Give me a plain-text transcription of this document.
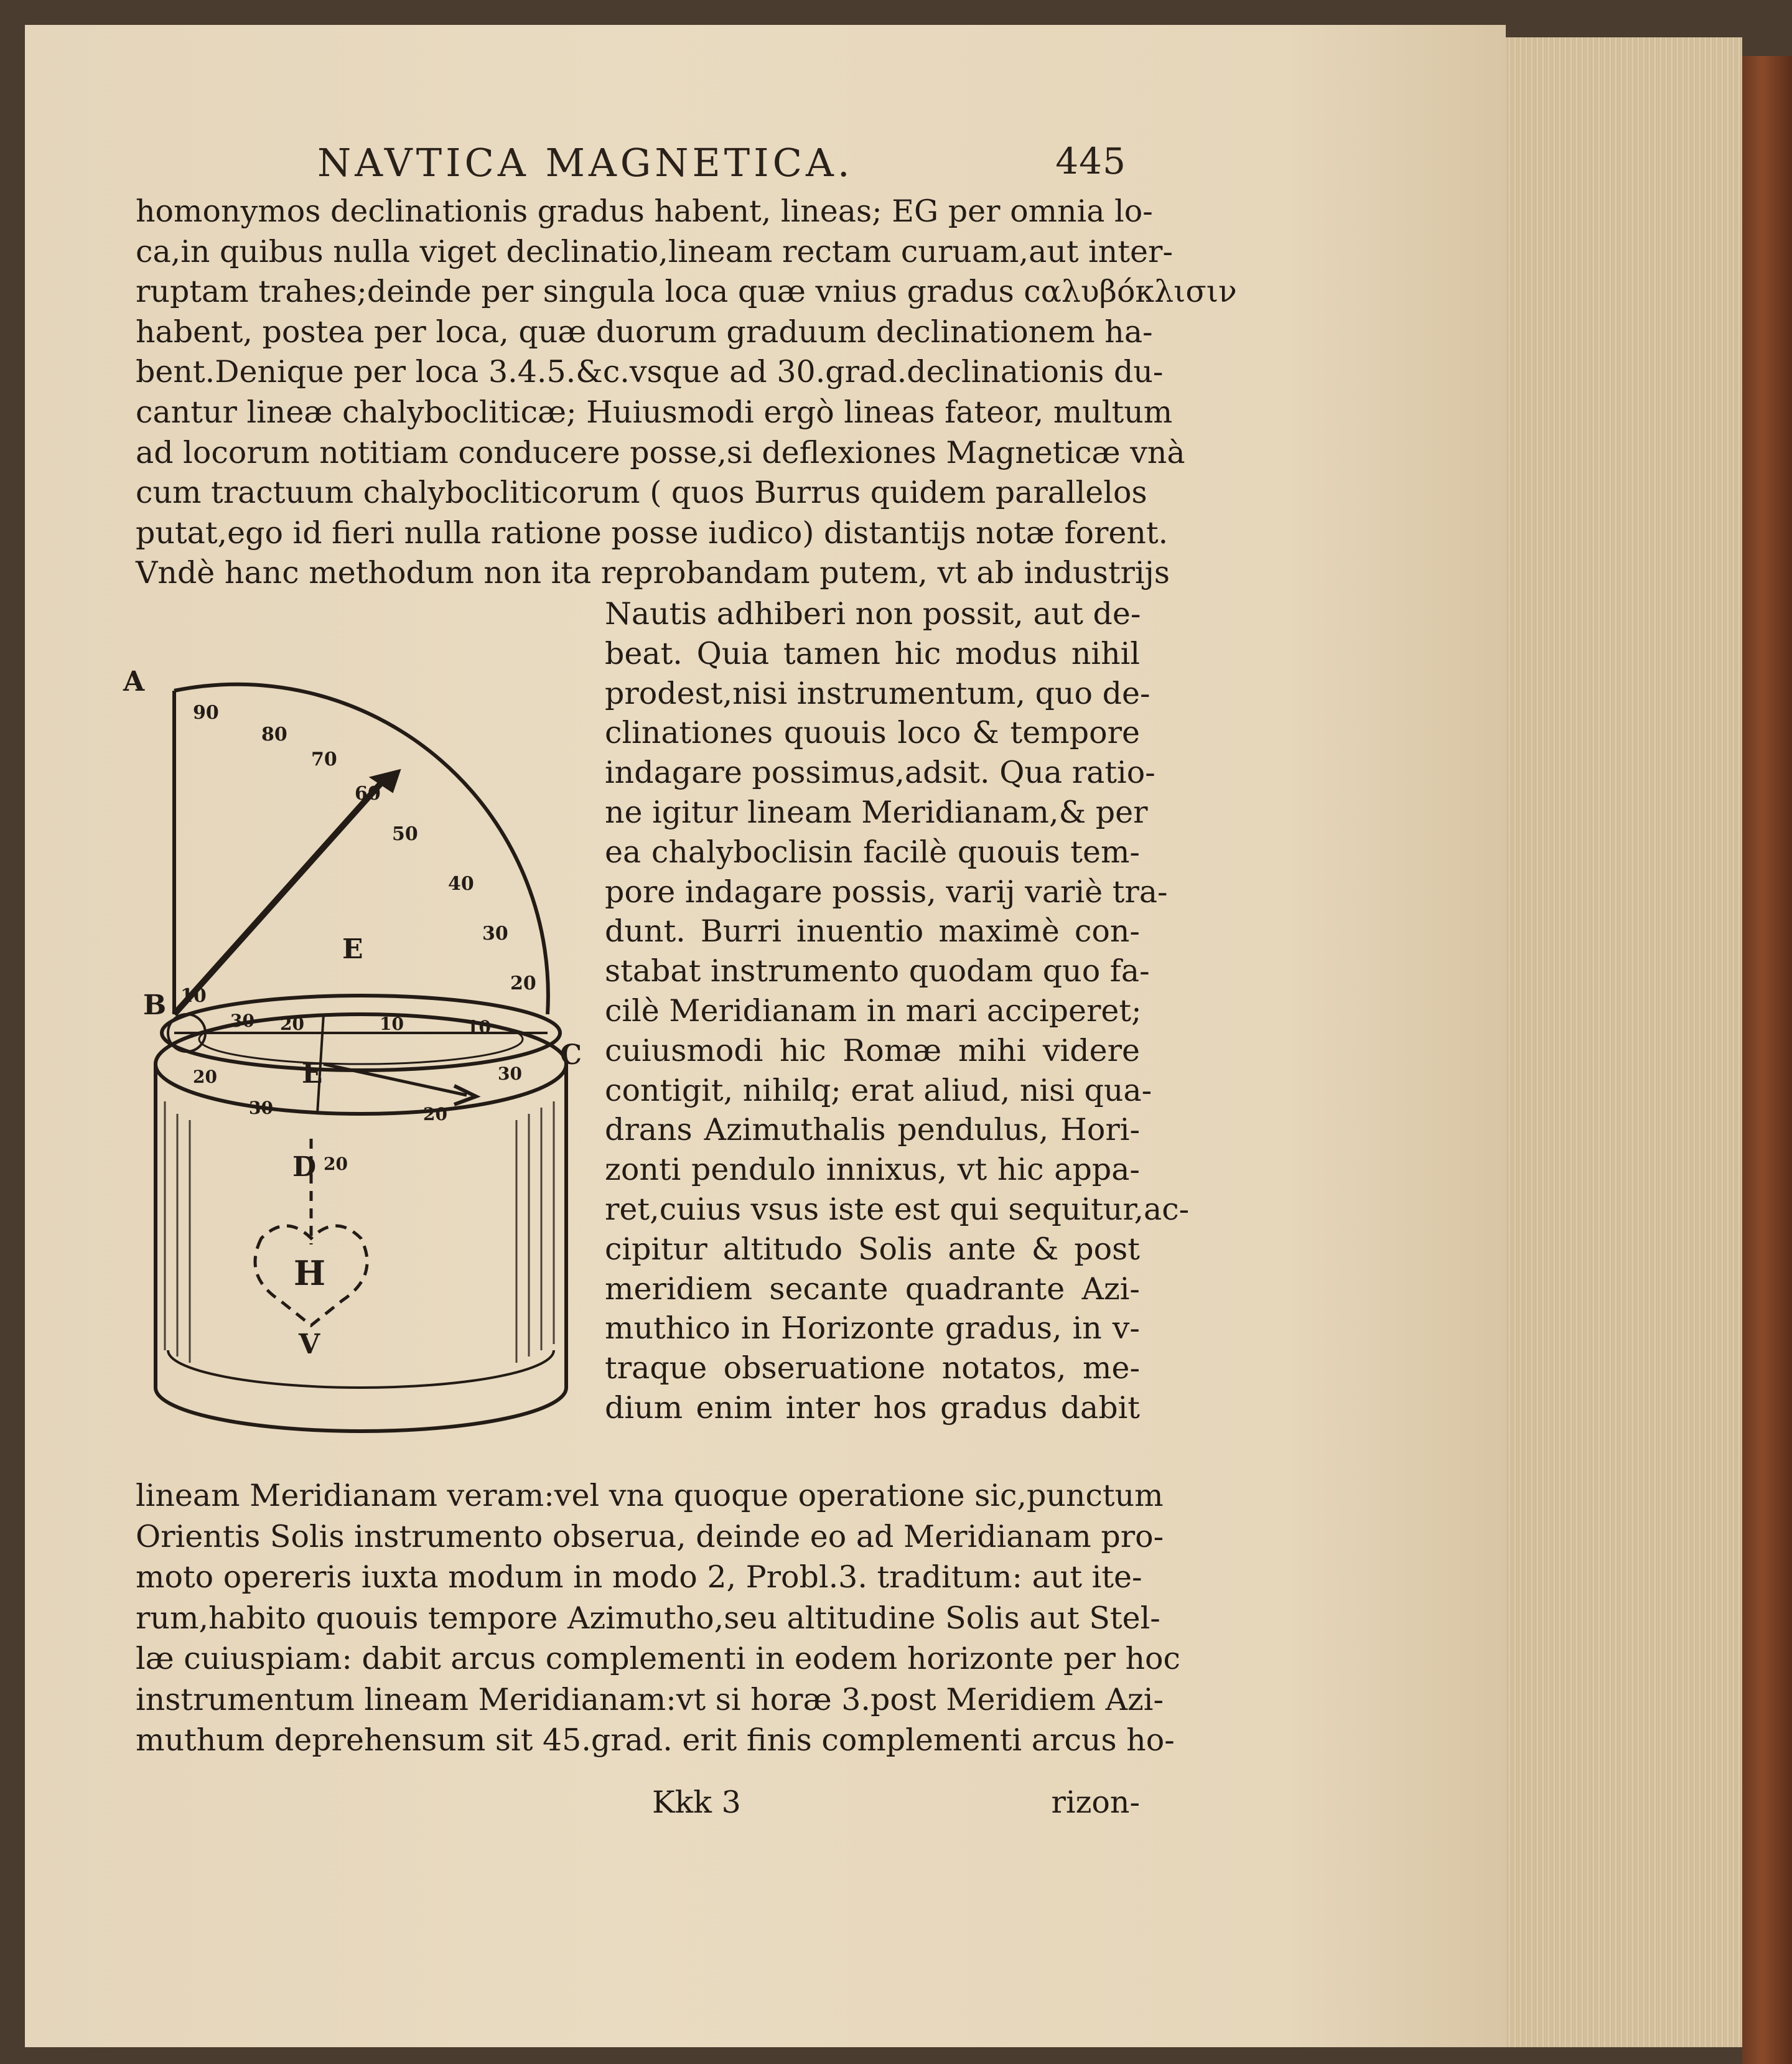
NAVTICA MAGNETICA.	445
homonymos declinationis gradus habent, lineas; EG per omnia lo-
ca,in quibus nulla viget declinatio,lineam rectam curuam,aut inter-
ruptam trahes;deinde per singula loca quæ vnius gradus ϲαλυβόκλισιν
habent, postea per loca, quæ duorum graduum declinationem ha-
bent.Denique per loca 3.4.5.&c.vsque ad 30.grad.declinationis du-
cantur lineæ chalybocliticæ; Huiusmodi ergò lineas fateor, multum
ad locorum notitiam conducere posse,si deflexiones Magneticæ vnà
cum tractuum chalybocliticorum ( quos Burrus quidem parallelos
putat,ego id fieri nulla ratione posse iudico) distantijs notæ forent.
Vndè hanc methodum non ita reprobandam putem, vt ab industrijs
Nautis adhiberi non possit, aut de-
beat. Quia tamen hic modus nihil
prodest,nisi instrumentum, quo de-
clinationes quouis loco & tempore
indagare possimus,adsit. Qua ratio-
ne igitur lineam Meridianam,& per
ea chalyboclisin facilè quouis tem-
pore indagare possis, varij variè tra-
dunt. Burri inuentio maximè con-
stabat instrumento quodam quo fa-
cilè Meridianam in mari acciperet;
cuiusmodi hic Romæ mihi videre
contigit, nihilq; erat aliud, nisi qua-
drans Azimuthalis pendulus, Hori-
zonti pendulo innixus, vt hic appa-
ret,cuius vsus iste est qui sequitur,ac-
cipitur altitudo Solis ante & post
meridiem secante quadrante Azi-
muthico in Horizonte gradus, in v-
traque obseruatione notatos, me-
dium enim inter hos gradus dabit
lineam Meridianam veram:vel vna quoque operatione sic,punctum
Orientis Solis instrumento obserua, deinde eo ad Meridianam pro-
moto opereris iuxta modum in modo 2, Probl.3. traditum: aut ite-
rum,habito quouis tempore Azimutho,seu altitudine Solis aut Stel-
læ cuiuspiam: dabit arcus complementi in eodem horizonte per hoc
instrumentum lineam Meridianam:vt si horæ 3.post Meridiem Azi-
muthum deprehensum sit 45.grad. erit finis complementi arcus ho-
A
B
C
D
E
E
H
V
90
80
70
60
50
40
30
20
10
30 20	10	10
20	30
30	20
20
Kkk 3	rizon-
